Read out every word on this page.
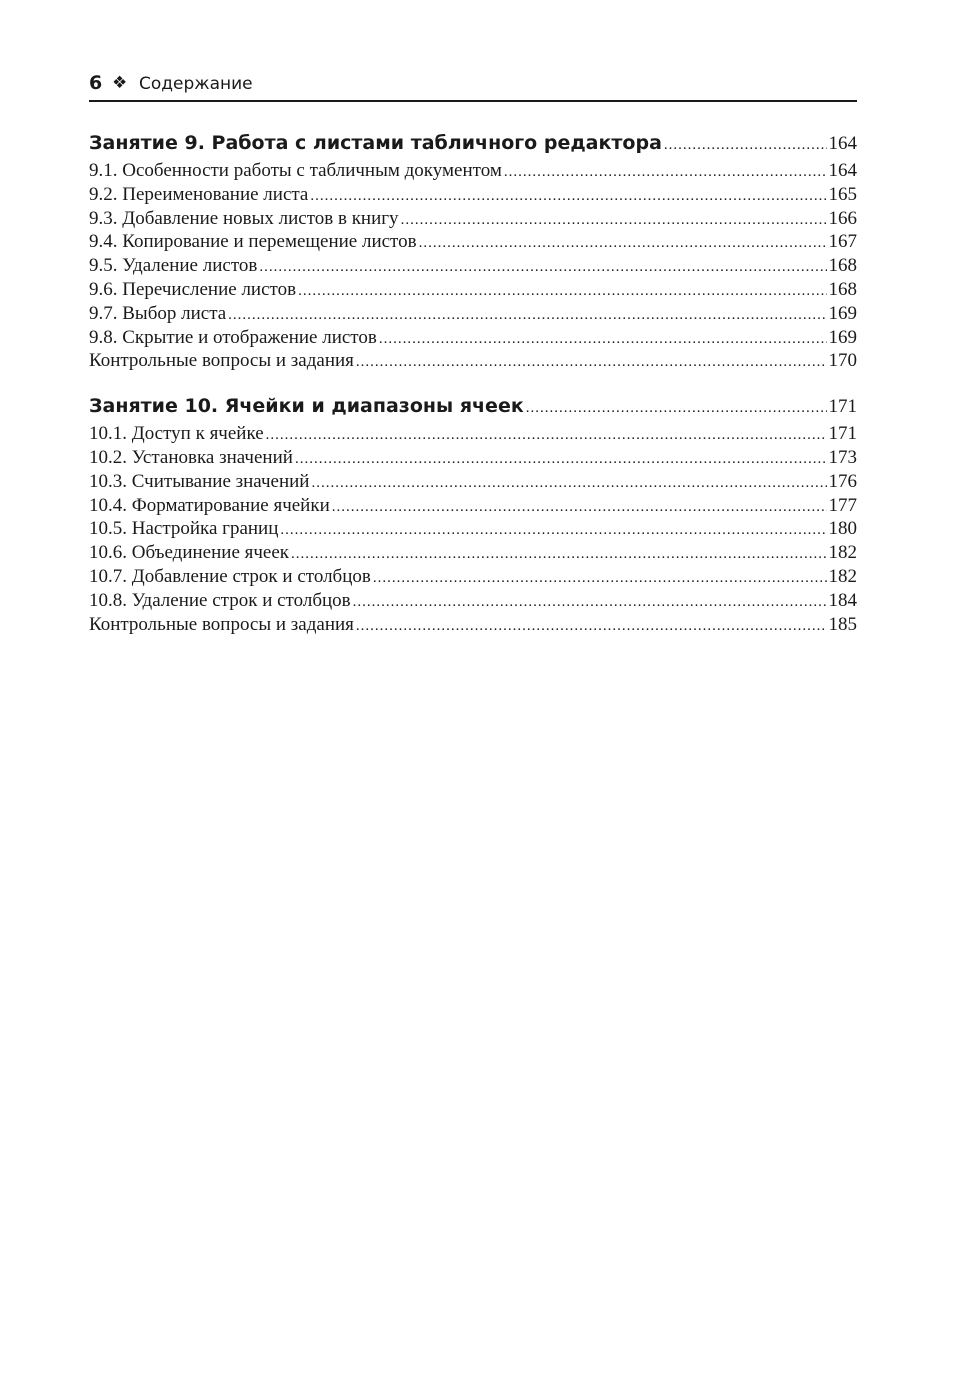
6 ❖ Содержание
Занятие 9. Работа с листами табличного редактора .....	164
9.1. Особенности работы с табличным документом .....	164
9.2. Переименование листа .....	165
9.3. Добавление новых листов в книгу .....	166
9.4. Копирование и перемещение листов .....	167
9.5. Удаление листов .....	168
9.6. Перечисление листов .....	168
9.7. Выбор листа .....	169
9.8. Скрытие и отображение листов .....	169
Контрольные вопросы и задания .....	170
Занятие 10. Ячейки и диапазоны ячеек .....	171
10.1. Доступ к ячейке .....	171
10.2. Установка значений .....	173
10.3. Считывание значений .....	176
10.4. Форматирование ячейки .....	177
10.5. Настройка границ .....	180
10.6. Объединение ячеек .....	182
10.7. Добавление строк и столбцов .....	182
10.8. Удаление строк и столбцов .....	184
Контрольные вопросы и задания .....	185
